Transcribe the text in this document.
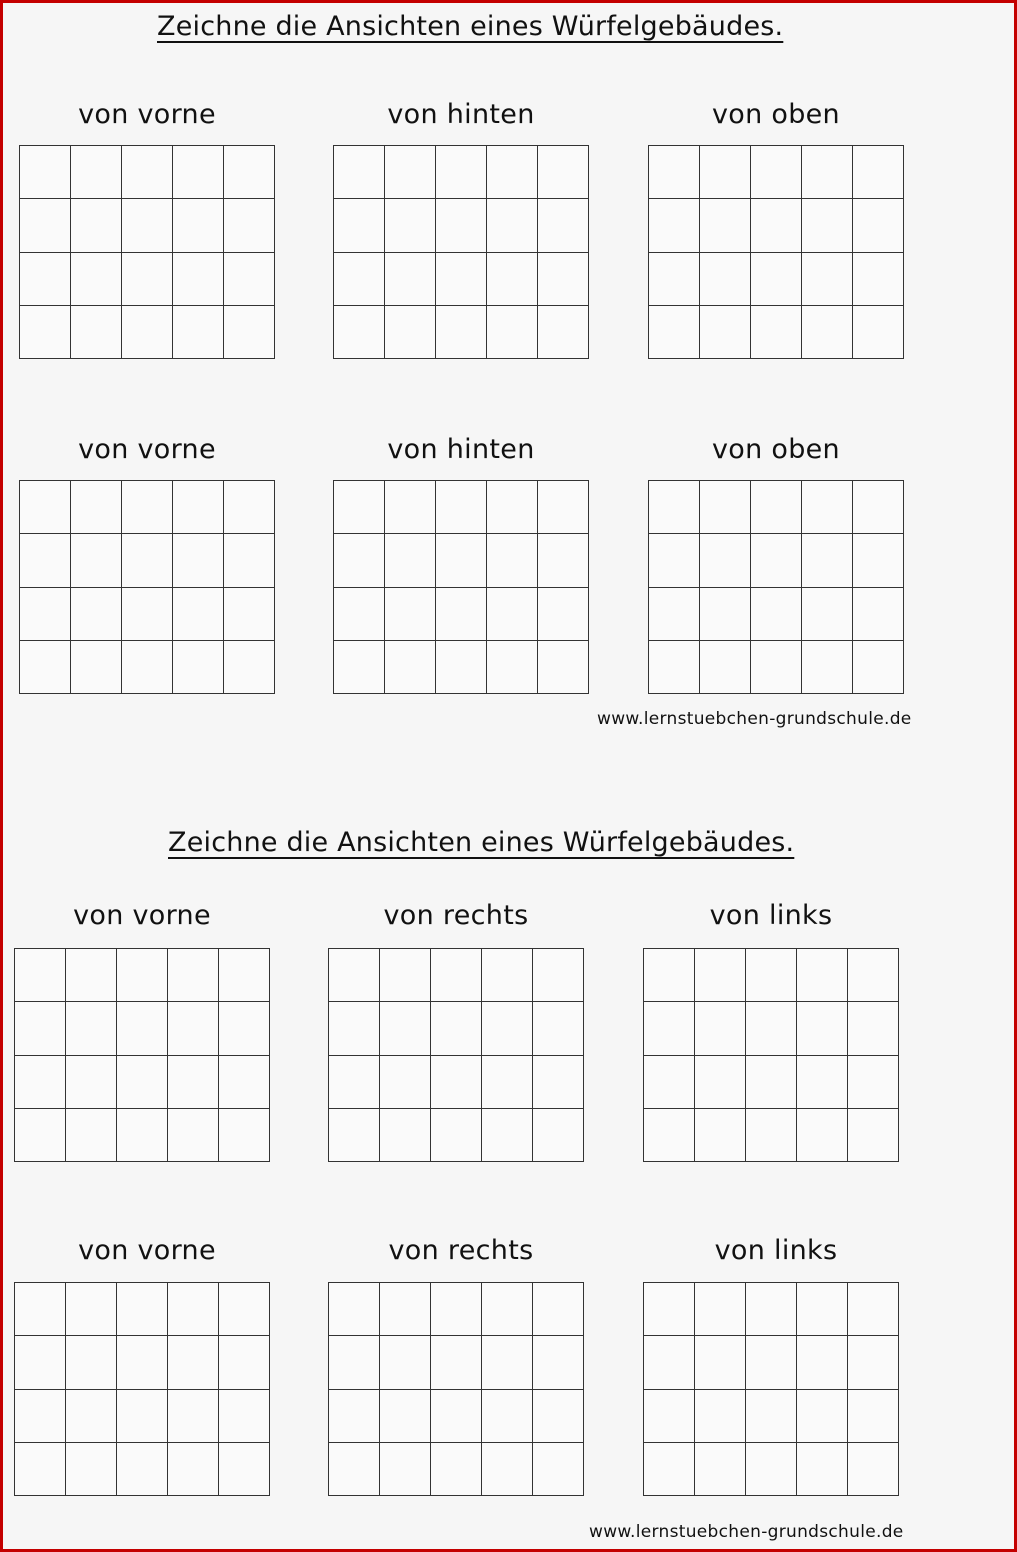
Zeichne die Ansichten eines Würfelgebäudes.
von vorne	von hinten	von oben
von vorne	von hinten	von oben
www.lernstuebchen-grundschule.de
Zeichne die Ansichten eines Würfelgebäudes.
von vorne	von rechts	von links
von vorne	von rechts	von links
www.lernstuebchen-grundschule.de
